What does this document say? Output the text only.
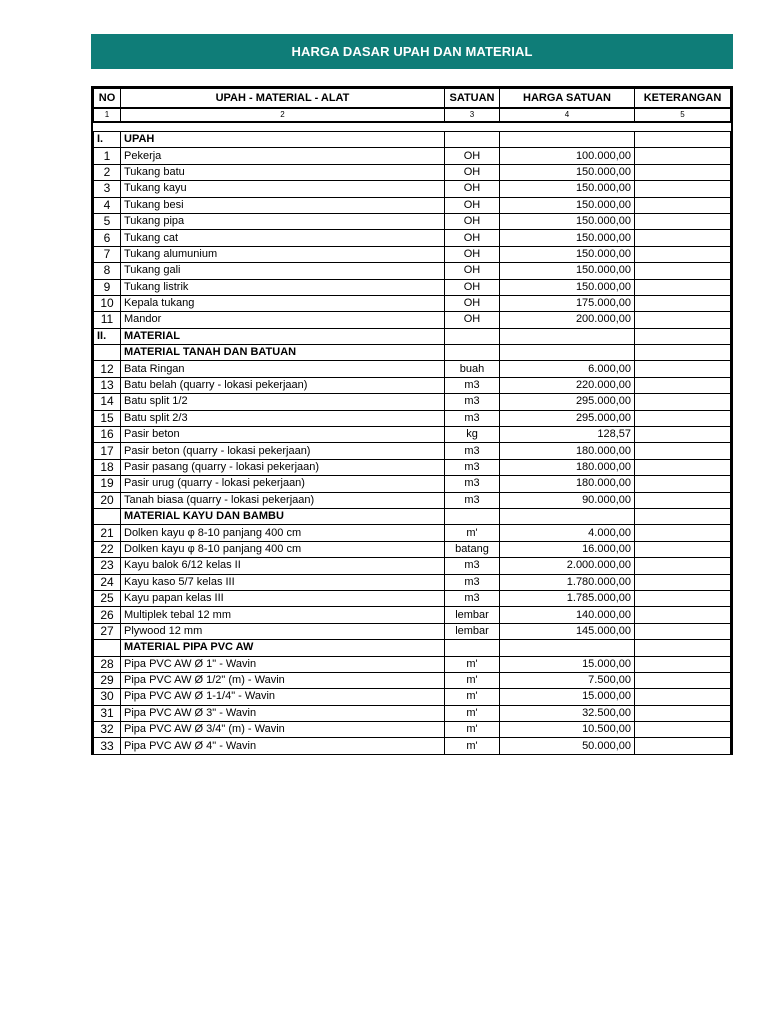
HARGA DASAR UPAH DAN MATERIAL
NO	UPAH - MATERIAL - ALAT	SATUAN	HARGA SATUAN	KETERANGAN
1	2	3	4	5

I.	UPAH			
1	Pekerja	OH	100.000,00	
2	Tukang batu	OH	150.000,00	
3	Tukang kayu	OH	150.000,00	
4	Tukang besi	OH	150.000,00	
5	Tukang pipa	OH	150.000,00	
6	Tukang cat	OH	150.000,00	
7	Tukang alumunium	OH	150.000,00	
8	Tukang gali	OH	150.000,00	
9	Tukang listrik	OH	150.000,00	
10	Kepala tukang	OH	175.000,00	
11	Mandor	OH	200.000,00	
II.	MATERIAL			
	MATERIAL TANAH DAN BATUAN			
12	Bata Ringan	buah	6.000,00	
13	Batu belah (quarry - lokasi pekerjaan)	m3	220.000,00	
14	Batu split 1/2	m3	295.000,00	
15	Batu split 2/3	m3	295.000,00	
16	Pasir beton	kg	128,57	
17	Pasir beton (quarry - lokasi pekerjaan)	m3	180.000,00	
18	Pasir pasang (quarry - lokasi pekerjaan)	m3	180.000,00	
19	Pasir urug (quarry - lokasi pekerjaan)	m3	180.000,00	
20	Tanah biasa (quarry - lokasi pekerjaan)	m3	90.000,00	
	MATERIAL KAYU DAN BAMBU			
21	Dolken kayu φ 8-10 panjang 400 cm	m'	4.000,00	
22	Dolken kayu φ 8-10 panjang 400 cm	batang	16.000,00	
23	Kayu balok 6/12 kelas II	m3	2.000.000,00	
24	Kayu kaso 5/7 kelas III	m3	1.780.000,00	
25	Kayu papan kelas III	m3	1.785.000,00	
26	Multiplek tebal 12 mm	lembar	140.000,00	
27	Plywood 12 mm	lembar	145.000,00	
	MATERIAL PIPA PVC AW			
28	Pipa PVC AW Ø 1" - Wavin	m'	15.000,00	
29	Pipa PVC AW Ø 1/2" (m) - Wavin	m'	7.500,00	
30	Pipa PVC AW Ø 1-1/4" - Wavin	m'	15.000,00	
31	Pipa PVC AW Ø 3" - Wavin	m'	32.500,00	
32	Pipa PVC AW Ø 3/4" (m) - Wavin	m'	10.500,00	
33	Pipa PVC AW Ø 4" - Wavin	m'	50.000,00	
